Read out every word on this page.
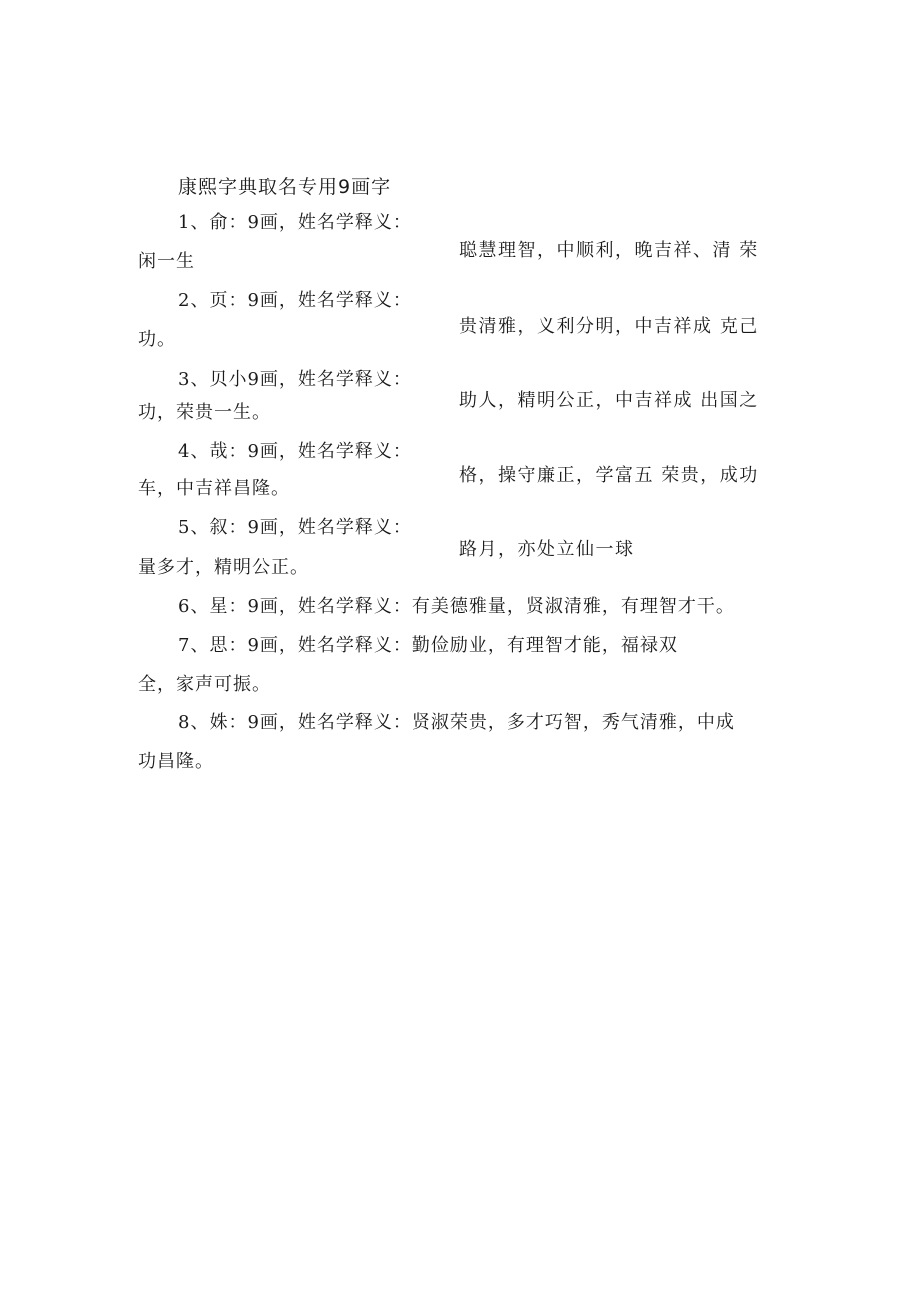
康熙字典取名专用9画字
1、俞：9画，姓名学释义：
闲一生
2、页：9画，姓名学释义：
功。
3、贝小9画，姓名学释义：
功，荣贵一生。
4、哉：9画，姓名学释义：
车，中吉祥昌隆。
5、叙：9画，姓名学释义：
量多才，精明公正。
聪慧理智，中顺利，晚吉祥、清 荣
贵清雅，义利分明，中吉祥成 克己
助人，精明公正，中吉祥成 出国之
格，操守廉正，学富五 荣贵，成功
路月，亦处立仙一球
6、星：9画，姓名学释义：有美德雅量，贤淑清雅，有理智才干。
7、思：9画，姓名学释义：勤俭励业，有理智才能，福禄双
全，家声可振。
8、姝：9画，姓名学释义：贤淑荣贵，多才巧智，秀气清雅，中成
功昌隆。
